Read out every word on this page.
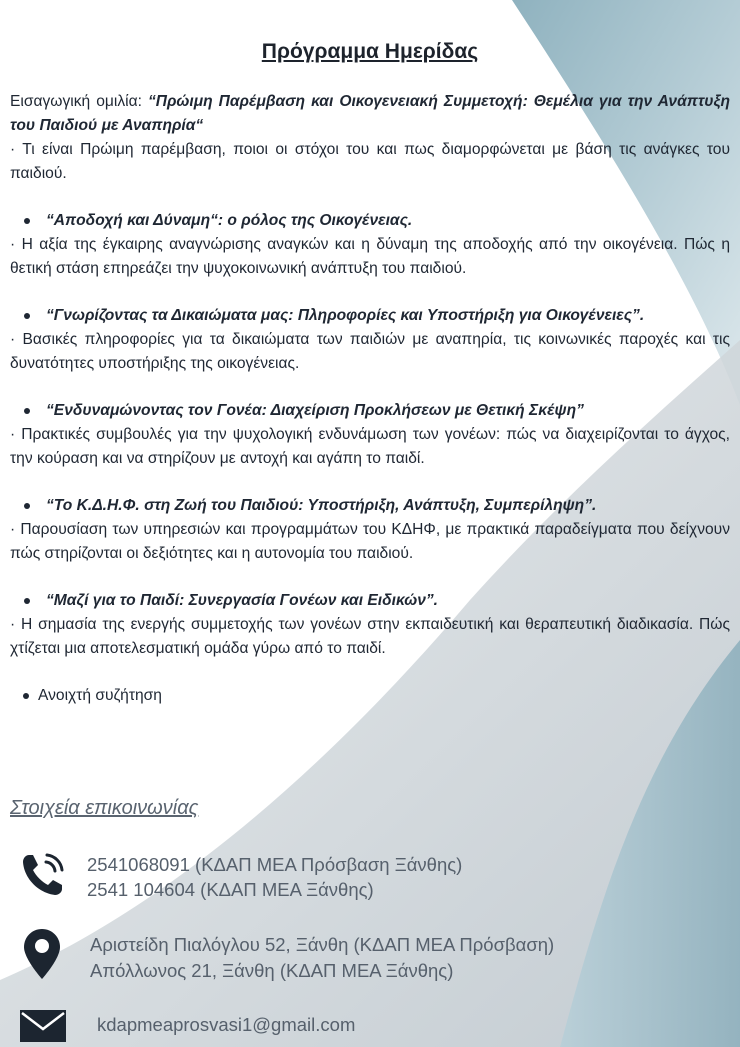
Πρόγραμμα Ημερίδας
Εισαγωγική ομιλία: “Πρώιμη Παρέμβαση και Οικογενειακή Συμμετοχή: Θεμέλια για την Ανάπτυξη του Παιδιού με Αναπηρία“
· Τι είναι Πρώιμη παρέμβαση, ποιοι οι στόχοι του και πως διαμορφώνεται με βάση τις ανάγκες του παιδιού.
“Αποδοχή και Δύναμη“: ο ρόλος της Οικογένειας.
· Η αξία της έγκαιρης αναγνώρισης αναγκών και η δύναμη της αποδοχής από την οικογένεια. Πώς η θετική στάση επηρεάζει την ψυχοκοινωνική ανάπτυξη του παιδιού.
“Γνωρίζοντας τα Δικαιώματα μας: Πληροφορίες και Υποστήριξη για Οικογένειες”.
· Βασικές πληροφορίες για τα δικαιώματα των παιδιών με αναπηρία, τις κοινωνικές παροχές και τις δυνατότητες υποστήριξης της οικογένειας.
“Ενδυναμώνοντας τον Γονέα: Διαχείριση Προκλήσεων με Θετική Σκέψη”
· Πρακτικές συμβουλές για την ψυχολογική ενδυνάμωση των γονέων: πώς να διαχειρίζονται το άγχος, την κούραση και να στηρίζουν με αντοχή και αγάπη το παιδί.
“Το Κ.Δ.Η.Φ. στη Ζωή του Παιδιού: Υποστήριξη, Ανάπτυξη, Συμπερίληψη”.
· Παρουσίαση των υπηρεσιών και προγραμμάτων του ΚΔΗΦ, με πρακτικά παραδείγματα που δείχνουν πώς στηρίζονται οι δεξιότητες και η αυτονομία του παιδιού.
“Μαζί για το Παιδί: Συνεργασία Γονέων και Ειδικών”.
· Η σημασία της ενεργής συμμετοχής των γονέων στην εκπαιδευτική και θεραπευτική διαδικασία. Πώς χτίζεται μια αποτελεσματική ομάδα γύρω από το παιδί.
Ανοιχτή συζήτηση
Στοιχεία επικοινωνίας
2541068091 (ΚΔΑΠ ΜΕΑ Πρόσβαση Ξάνθης)
2541 104604 (ΚΔΑΠ ΜΕΑ Ξάνθης)
Αριστείδη Πιαλόγλου 52, Ξάνθη (ΚΔΑΠ ΜΕΑ Πρόσβαση)
Απόλλωνος 21, Ξάνθη (ΚΔΑΠ ΜΕΑ Ξάνθης)
kdapmeaprosvasi1@gmail.com
